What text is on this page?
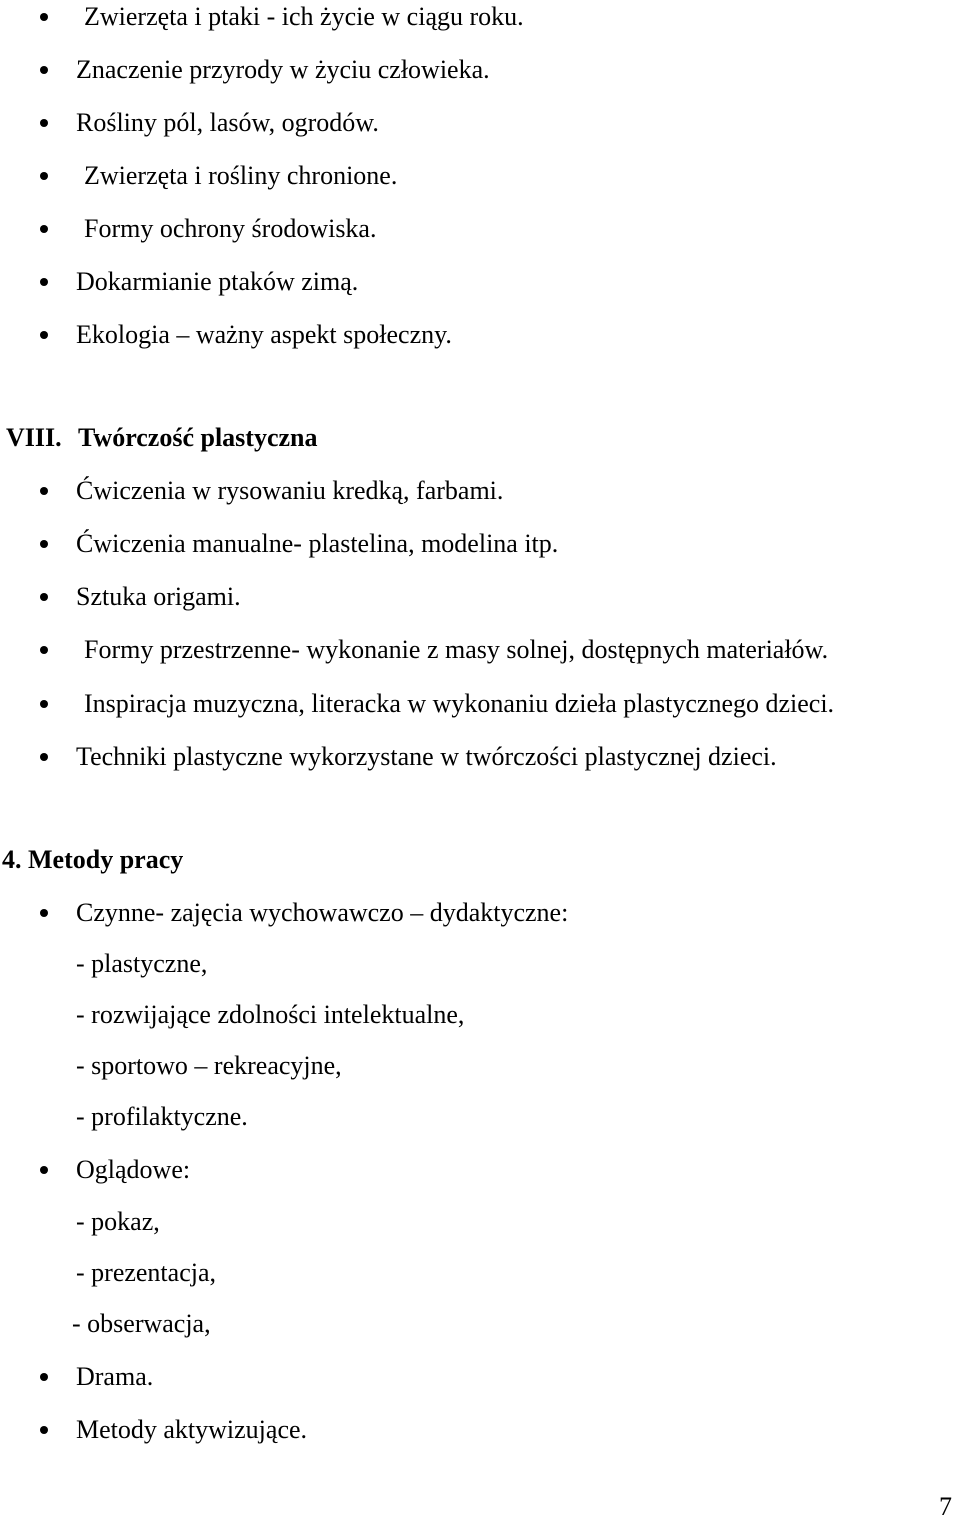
Zwierzęta i ptaki - ich życie w ciągu roku.
Znaczenie przyrody w życiu człowieka.
Rośliny pól, lasów, ogrodów.
Zwierzęta i rośliny chronione.
Formy ochrony środowiska.
Dokarmianie ptaków zimą.
Ekologia – ważny aspekt społeczny.
VIII. Twórczość plastyczna
Ćwiczenia w rysowaniu kredką, farbami.
Ćwiczenia manualne- plastelina, modelina itp.
Sztuka origami.
Formy przestrzenne- wykonanie z masy solnej, dostępnych materiałów.
Inspiracja muzyczna, literacka w wykonaniu dzieła plastycznego dzieci.
Techniki plastyczne wykorzystane w twórczości plastycznej dzieci.
4. Metody pracy
Czynne- zajęcia wychowawczo – dydaktyczne:
- plastyczne,
- rozwijające zdolności intelektualne,
- sportowo – rekreacyjne,
- profilaktyczne.
Oglądowe:
- pokaz,
- prezentacja,
- obserwacja,
Drama.
Metody aktywizujące.
7
